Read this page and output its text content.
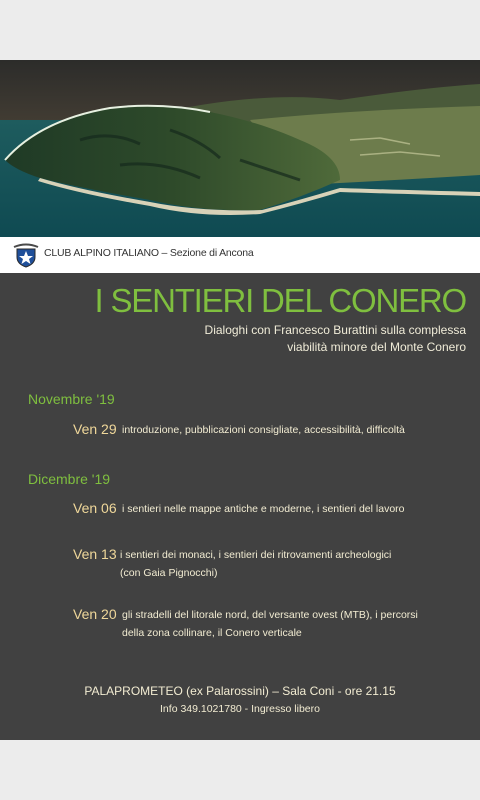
CLUB ALPINO ITALIANO – Sezione di Ancona
I SENTIERI DEL CONERO
Dialoghi con Francesco Burattini sulla complessa
viabilità minore del Monte Conero
Novembre '19
Ven 29 introduzione, pubblicazioni consigliate, accessibilità, difficoltà
Dicembre '19
Ven 06 i sentieri nelle mappe antiche e moderne, i sentieri del lavoro
Ven 13 i sentieri dei monaci, i sentieri dei ritrovamenti archeologici
(con Gaia Pignocchi)
Ven 20 gli stradelli del litorale nord, del versante ovest (MTB), i percorsi
della zona collinare, il Conero verticale
PALAPROMETEO (ex Palarossini) – Sala Coni - ore 21.15
Info 349.1021780 - Ingresso libero
